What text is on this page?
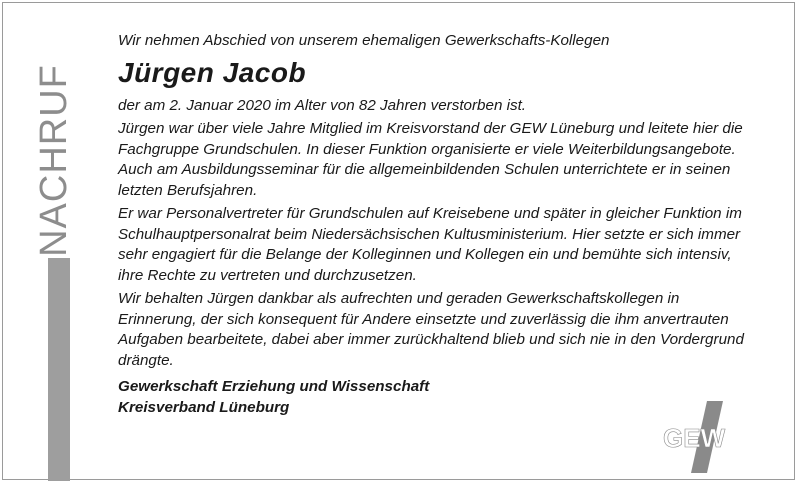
NACHRUF

Wir nehmen Abschied von unserem ehemaligen Gewerkschafts-Kollegen

Jürgen Jacob

der am 2. Januar 2020 im Alter von 82 Jahren verstorben ist.

Jürgen war über viele Jahre Mitglied im Kreisvorstand der GEW Lüneburg und leitete hier die Fachgruppe Grundschulen. In dieser Funktion organisierte er viele Weiterbildungsangebote. Auch am Ausbildungsseminar für die allgemeinbildenden Schulen unterrichtete er in seinen letzten Berufsjahren.

Er war Personalvertreter für Grundschulen auf Kreisebene und später in gleicher Funktion im Schulhauptpersonalrat beim Niedersächsischen Kultusministerium. Hier setzte er sich immer sehr engagiert für die Belange der Kolleginnen und Kollegen ein und bemühte sich intensiv, ihre Rechte zu vertreten und durchzusetzen.

Wir behalten Jürgen dankbar als aufrechten und geraden Gewerkschaftskollegen in Erinnerung, der sich konsequent für Andere einsetzte und zuverlässig die ihm anvertrauten Aufgaben bearbeitete, dabei aber immer zurückhaltend blieb und sich nie in den Vordergrund drängte.

Gewerkschaft Erziehung und Wissenschaft

Kreisverband Lüneburg

GEW
